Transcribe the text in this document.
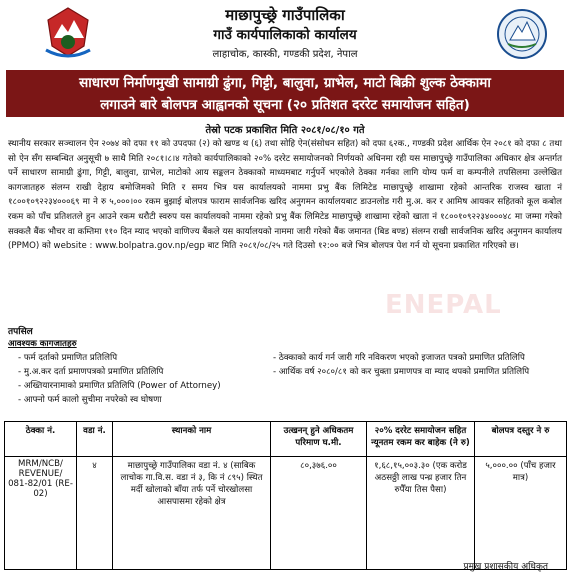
माछापुच्छ्रे गाउँपालिका
गाउँ कार्यपालिकाको कार्यालय
लाहाचोक, कास्की, गण्डकी प्रदेश, नेपाल
साधारण निर्माणमुखी सामाग्री ढुंगा, गिट्टी, बालुवा, ग्राभेल, माटो बिक्री शुल्क ठेक्कामा
लगाउने बारे बोलपत्र आह्वानको सूचना (२० प्रतिशत दररेट समायोजन सहित)
तेस्रो पटक प्रकाशित मिति २०८१/०८/१० गते
स्थानीय सरकार सञ्चालन ऐन २०७४ को दफा ११ को उपदफा (२) को खण्ड थ (६) तथा सोहि ऐन(संसोधन सहित) को दफा ६२क., गण्डकी प्रदेश आर्थिक ऐन २०८१ को दफा ८ तथा सो ऐन सँग सम्बन्धित अनुसूची ७ साथै मिति २०८१।८।४ गतेको कार्यपालिकाको २०% दररेट समायोजनको निर्णयको अधिनमा रही यस माछापुच्छ्रे गाउँपालिका अधिकार क्षेत्र अन्तर्गत पर्ने साधारण सामाग्री ढुंगा, गिट्टी, बालुवा, ग्राभेल, माटोको आय सङ्कलन ठेक्काको माध्यमबाट गर्नुपर्ने भएकोले ठेक्का गर्नका लागि योग्य फर्म वा कम्पनीले तपसिलमा उल्लेखित कागजातहरु संलग्न राखी देहाय बमोजिमको मिति र समय भित्र यस कार्यालयको नाममा प्रभु बैंक लिमिटेड माछापुच्छ्रे शाखामा रहेको आन्तरिक राजस्व खाता नं १८००१०९२२३४०००६९ मा ने रु ५,०००।०० रकम बुझाई बोलपत्र फाराम सार्वजनिक खरिद अनुगमन कार्यालयबाट डाउनलोड गरी मु.अ. कर र आमिष आयकर सहितको कूल कबोल रकम को पाँच प्रतिशतले हुन आउने रकम धरौटी स्वरुप यस कार्यालयको नाममा रहेको प्रभु बैंक लिमिटेड माछापुच्छ्रे शाखामा रहेको खाता नं १८००१०९२२३४०००४८ मा जम्मा गरेको सक्कलै बैंक भौचर वा कम्तिमा ११० दिन म्याद भएको वाणिज्य बैंकले यस कार्यालयको नाममा जारी गरेको बैंक जमानत (बिड बण्ड) संलग्न राखी सार्वजनिक खरिद अनुगमन कार्यालय (PPMO) को website : www.bolpatra.gov.np/egp बाट मिति २०८१/०८/२५ गते दिउसो १२:०० बजे भित्र बोलपत्र पेश गर्न यो सूचना प्रकाशित गरिएको छ।
ENEPAL
तपसिल
आवश्यक कागजातहरु
- फर्म दर्ताको प्रमाणित प्रतिलिपि	- ठेक्काको कार्य गर्न जारी गरि नविकरण भएको इजाजत पत्रको प्रमाणित प्रतिलिपि
- मु.अ.कर दर्ता प्रमाणपत्रको प्रमाणित प्रतिलिपि	- आर्थिक वर्ष २०८०/८१ को कर चुक्ता प्रमाणपत्र वा म्याद थपको प्रमाणित प्रतिलिपि
- अख्तियारनामाको प्रमाणित प्रतिलिपि (Power of Attorney)
- आफ्नो फर्म कालो सुचीमा नपरेको स्व घोषणा
ठेक्का नं.	वडा नं.	स्थानको नाम	उत्खनन् हुने अधिकतम परिमाण घ.मी.	२०% दररेट समायोजन सहित न्यूनतम रकम कर बाहेक (ने रु)	बोलपत्र दस्तुर ने रु
MRM/NCB/ REVENUE/ 081-82/01 (RE-02)	४	माछापुच्छ्रे गाउँपालिका वडा नं. ४ (साबिक लाचोक गा.वि.स. वडा नं ३, कि नं ८९५) स्थित मर्दी खोलाको बाँया तर्फ पर्ने चोरखोलसा आसपासमा रहेको क्षेत्र	८०,३७६.००	१,६८,१५,००३.३० (एक करोड अठसठ्ठी लाख पन्ध्र हजार तिन रुपैँया तिस पैसा)	५,०००.०० (पाँच हजार मात्र)
प्रमुख प्रशासकीय अधिकृत
